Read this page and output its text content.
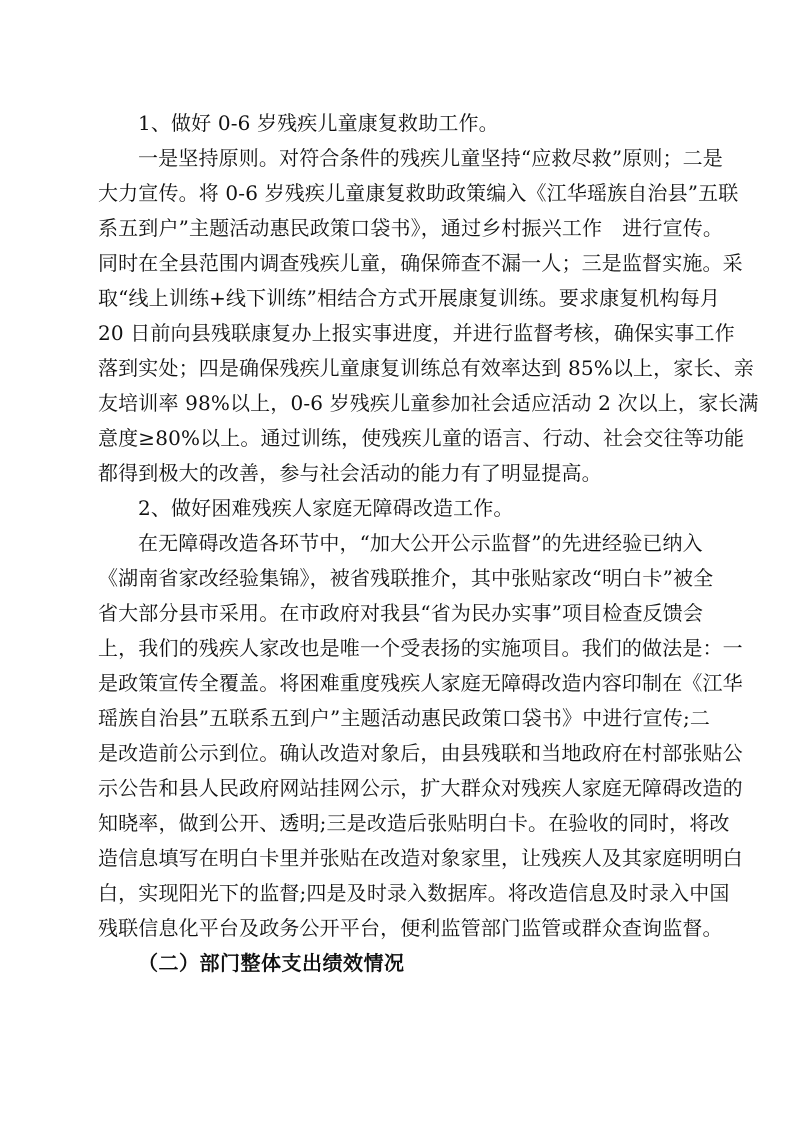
1、做好 0-6 岁残疾儿童康复救助工作。
一是坚持原则。对符合条件的残疾儿童坚持“应救尽救”原则；二是
大力宣传。将 0-6 岁残疾儿童康复救助政策编入《江华瑶族自治县”五联
系五到户”主题活动惠民政策口袋书》，通过乡村振兴工作　进行宣传。
同时在全县范围内调查残疾儿童，确保筛查不漏一人；三是监督实施。采
取“线上训练+线下训练”相结合方式开展康复训练。要求康复机构每月
20 日前向县残联康复办上报实事进度，并进行监督考核，确保实事工作
落到实处；四是确保残疾儿童康复训练总有效率达到 85%以上，家长、亲
友培训率 98%以上，0-6 岁残疾儿童参加社会适应活动 2 次以上，家长满
意度≥80%以上。通过训练，使残疾儿童的语言、行动、社会交往等功能
都得到极大的改善，参与社会活动的能力有了明显提高。
2、做好困难残疾人家庭无障碍改造工作。
在无障碍改造各环节中，“加大公开公示监督”的先进经验已纳入
《湖南省家改经验集锦》，被省残联推介，其中张贴家改“明白卡”被全
省大部分县市采用。在市政府对我县“省为民办实事”项目检查反馈会
上，我们的残疾人家改也是唯一个受表扬的实施项目。我们的做法是：一
是政策宣传全覆盖。将困难重度残疾人家庭无障碍改造内容印制在《江华
瑶族自治县”五联系五到户”主题活动惠民政策口袋书》中进行宣传;二
是改造前公示到位。确认改造对象后，由县残联和当地政府在村部张贴公
示公告和县人民政府网站挂网公示，扩大群众对残疾人家庭无障碍改造的
知晓率，做到公开、透明;三是改造后张贴明白卡。在验收的同时，将改
造信息填写在明白卡里并张贴在改造对象家里，让残疾人及其家庭明明白
白，实现阳光下的监督;四是及时录入数据库。将改造信息及时录入中国
残联信息化平台及政务公开平台，便利监管部门监管或群众查询监督。
（二）部门整体支出绩效情况
